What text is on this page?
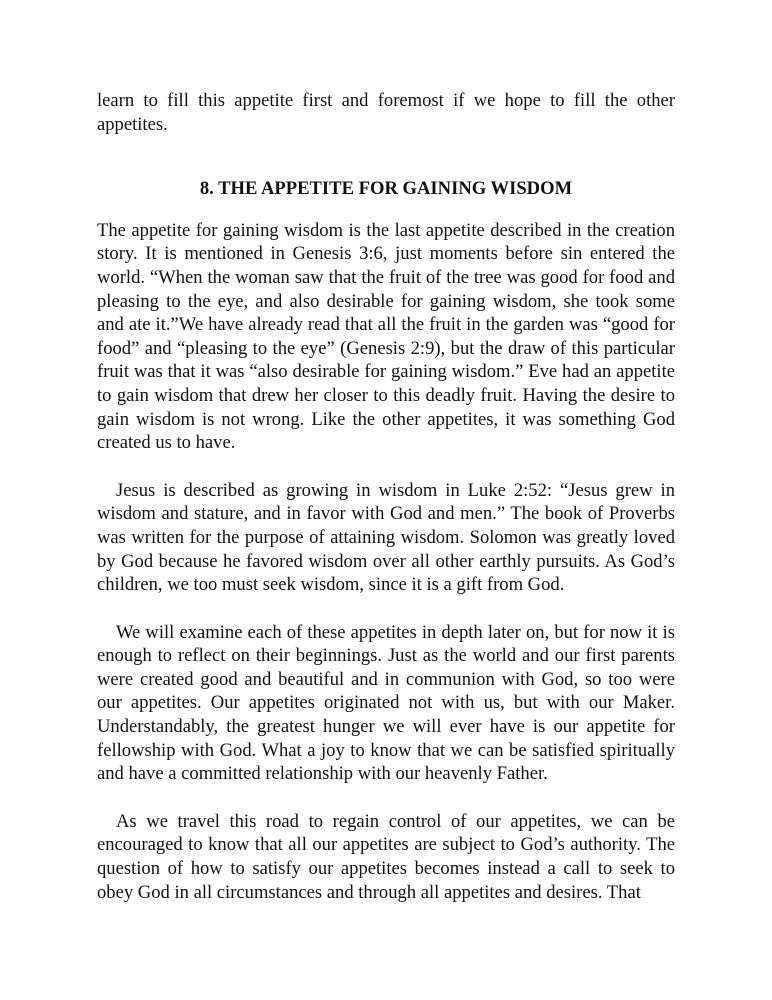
learn to fill this appetite first and foremost if we hope to fill the other appetites.

8. THE APPETITE FOR GAINING WISDOM

The appetite for gaining wisdom is the last appetite described in the creation story. It is mentioned in Genesis 3:6, just moments before sin entered the world. “When the woman saw that the fruit of the tree was good for food and pleasing to the eye, and also desirable for gaining wisdom, she took some and ate it.”We have already read that all the fruit in the garden was “good for food” and “pleasing to the eye” (Genesis 2:9), but the draw of this particular fruit was that it was “also desirable for gaining wisdom.” Eve had an appetite to gain wisdom that drew her closer to this deadly fruit. Having the desire to gain wisdom is not wrong. Like the other appetites, it was something God created us to have.

Jesus is described as growing in wisdom in Luke 2:52: “Jesus grew in wisdom and stature, and in favor with God and men.” The book of Proverbs was written for the purpose of attaining wisdom. Solomon was greatly loved by God because he favored wisdom over all other earthly pursuits. As God’s children, we too must seek wisdom, since it is a gift from God.

We will examine each of these appetites in depth later on, but for now it is enough to reflect on their beginnings. Just as the world and our first parents were created good and beautiful and in communion with God, so too were our appetites. Our appetites originated not with us, but with our Maker. Understandably, the greatest hunger we will ever have is our appetite for fellowship with God. What a joy to know that we can be satisfied spiritually and have a committed relationship with our heavenly Father.

As we travel this road to regain control of our appetites, we can be encouraged to know that all our appetites are subject to God’s authority. The question of how to satisfy our appetites becomes instead a call to seek to obey God in all circumstances and through all appetites and desires. That
